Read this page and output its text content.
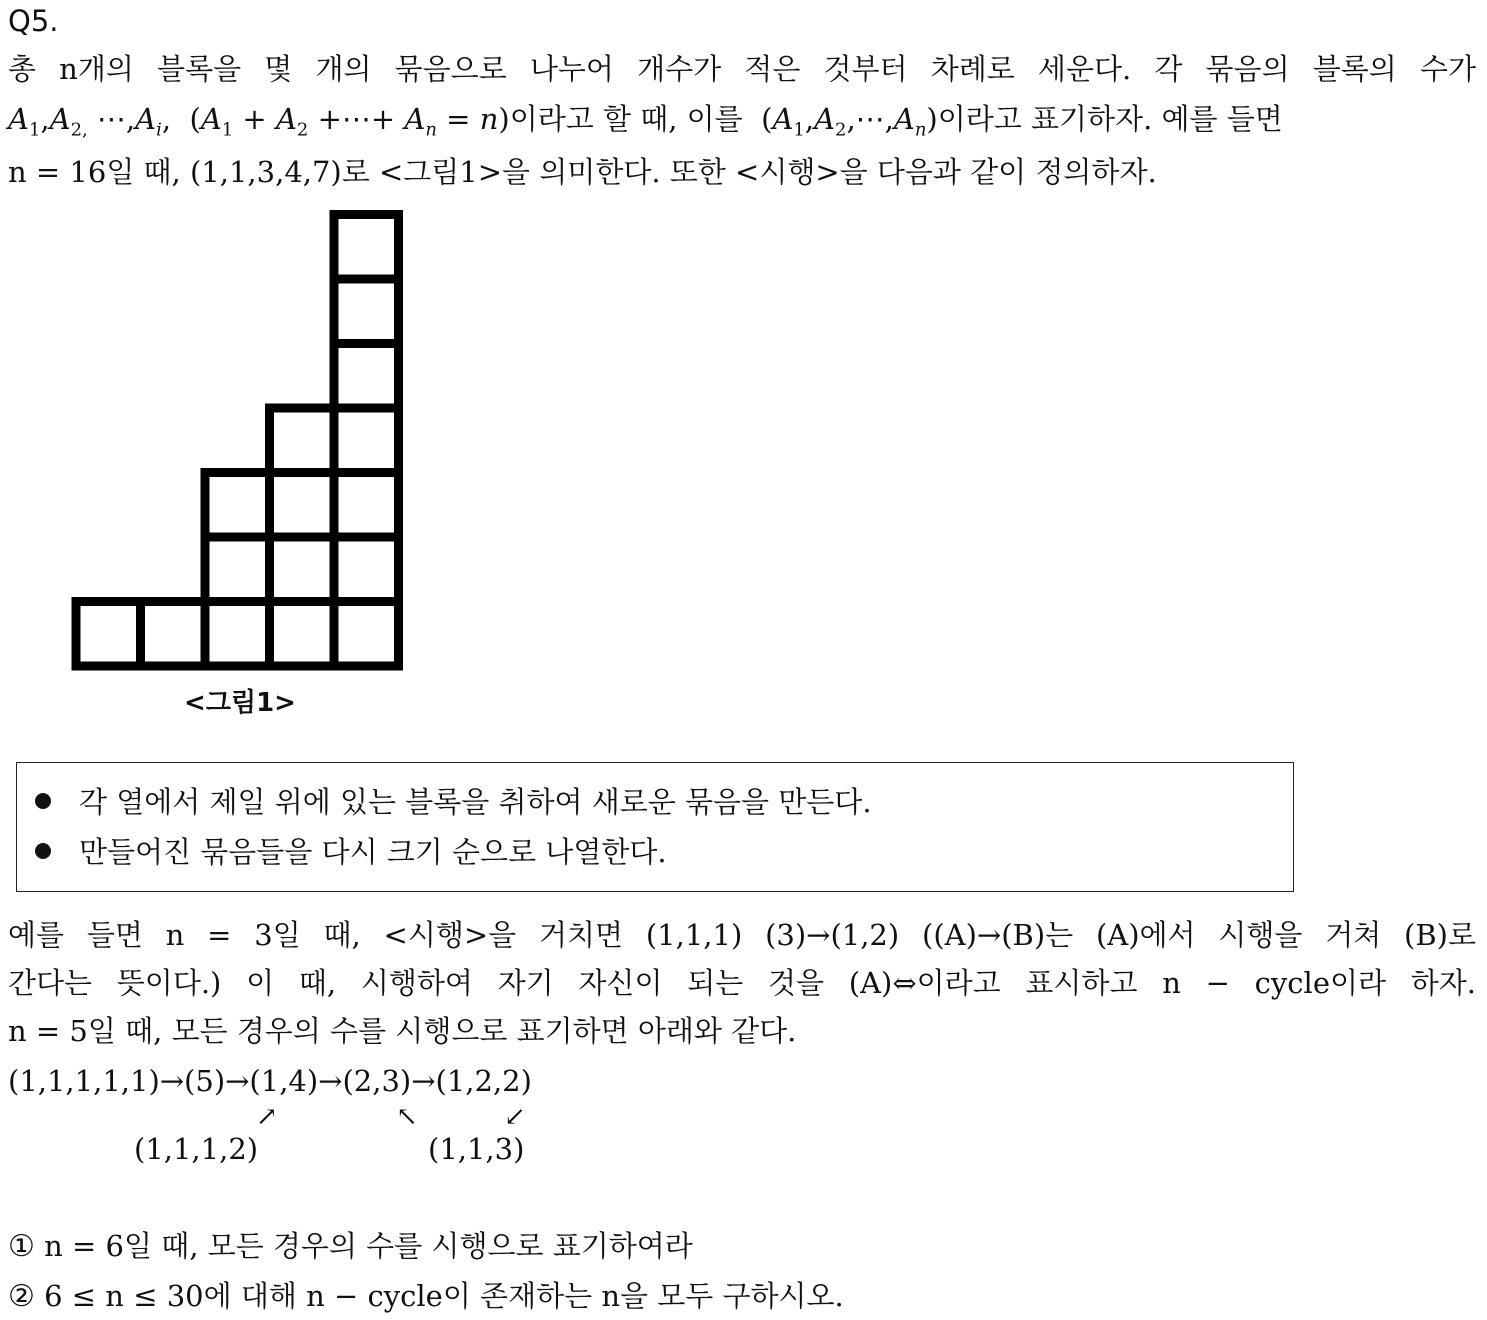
Q5.
총 n개의 블록을 몇 개의 묶음으로 나누어 개수가 적은 것부터 차례로 세운다. 각 묶음의 블록의 수가
$A_1,A_{2,}$ $\cdots,A_i$,  ($A_1 + A_2$ +⋯+ $A_n = n$)이라고 할 때, 이를 $(A_1,A_2,\cdots,A_n)$이라고 표기하자. 예를 들면
n = 16일 때, (1,1,3,4,7)로 <그림1>을 의미한다. 또한 <시행>을 다음과 같이 정의하자.
<그림1>
각 열에서 제일 위에 있는 블록을 취하여 새로운 묶음을 만든다.
만들어진 묶음들을 다시 크기 순으로 나열한다.
예를 들면 n = 3일 때, <시행>을 거치면 (1,1,1) (3)→(1,2) ((A)→(B)는 (A)에서 시행을 거쳐 (B)로
간다는 뜻이다.) 이 때, 시행하여 자기 자신이 되는 것을 (A)⇔이라고 표시하고 n − cycle이라 하자.
n = 5일 때, 모든 경우의 수를 시행으로 표기하면 아래와 같다.
(1,1,1,1,1)→(5)→(1,4)→(2,3)→(1,2,2)
↗	↖	↙
(1,1,1,2)	(1,1,3)
① n = 6일 때, 모든 경우의 수를 시행으로 표기하여라
② 6 ≤ n ≤ 30에 대해 n − cycle이 존재하는 n을 모두 구하시오.
